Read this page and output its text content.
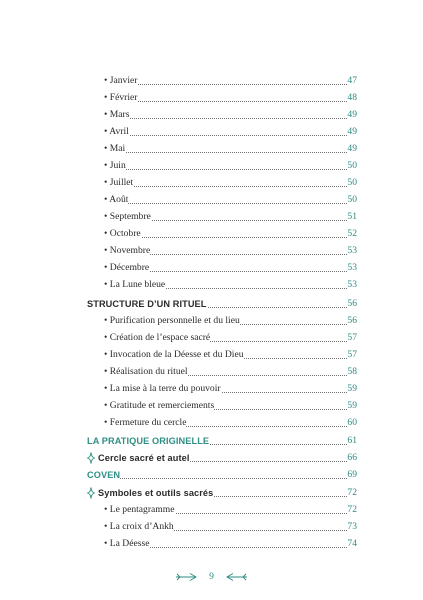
• Janvier	47
• Février	48
• Mars	49
• Avril	49
• Mai	49
• Juin	50
• Juillet	50
• Août	50
• Septembre	51
• Octobre	52
• Novembre	53
• Décembre	53
• La Lune bleue	53
STRUCTURE D’UN RITUEL	56
• Purification personnelle et du lieu	56
• Création de l’espace sacré	57
• Invocation de la Déesse et du Dieu	57
• Réalisation du rituel	58
• La mise à la terre du pouvoir	59
• Gratitude et remerciements	59
• Fermeture du cercle	60
LA PRATIQUE ORIGINELLE	61
Cercle sacré et autel	66
COVEN	69
Symboles et outils sacrés	72
• Le pentagramme	72
• La croix d’Ankh	73
• La Déesse	74
9
